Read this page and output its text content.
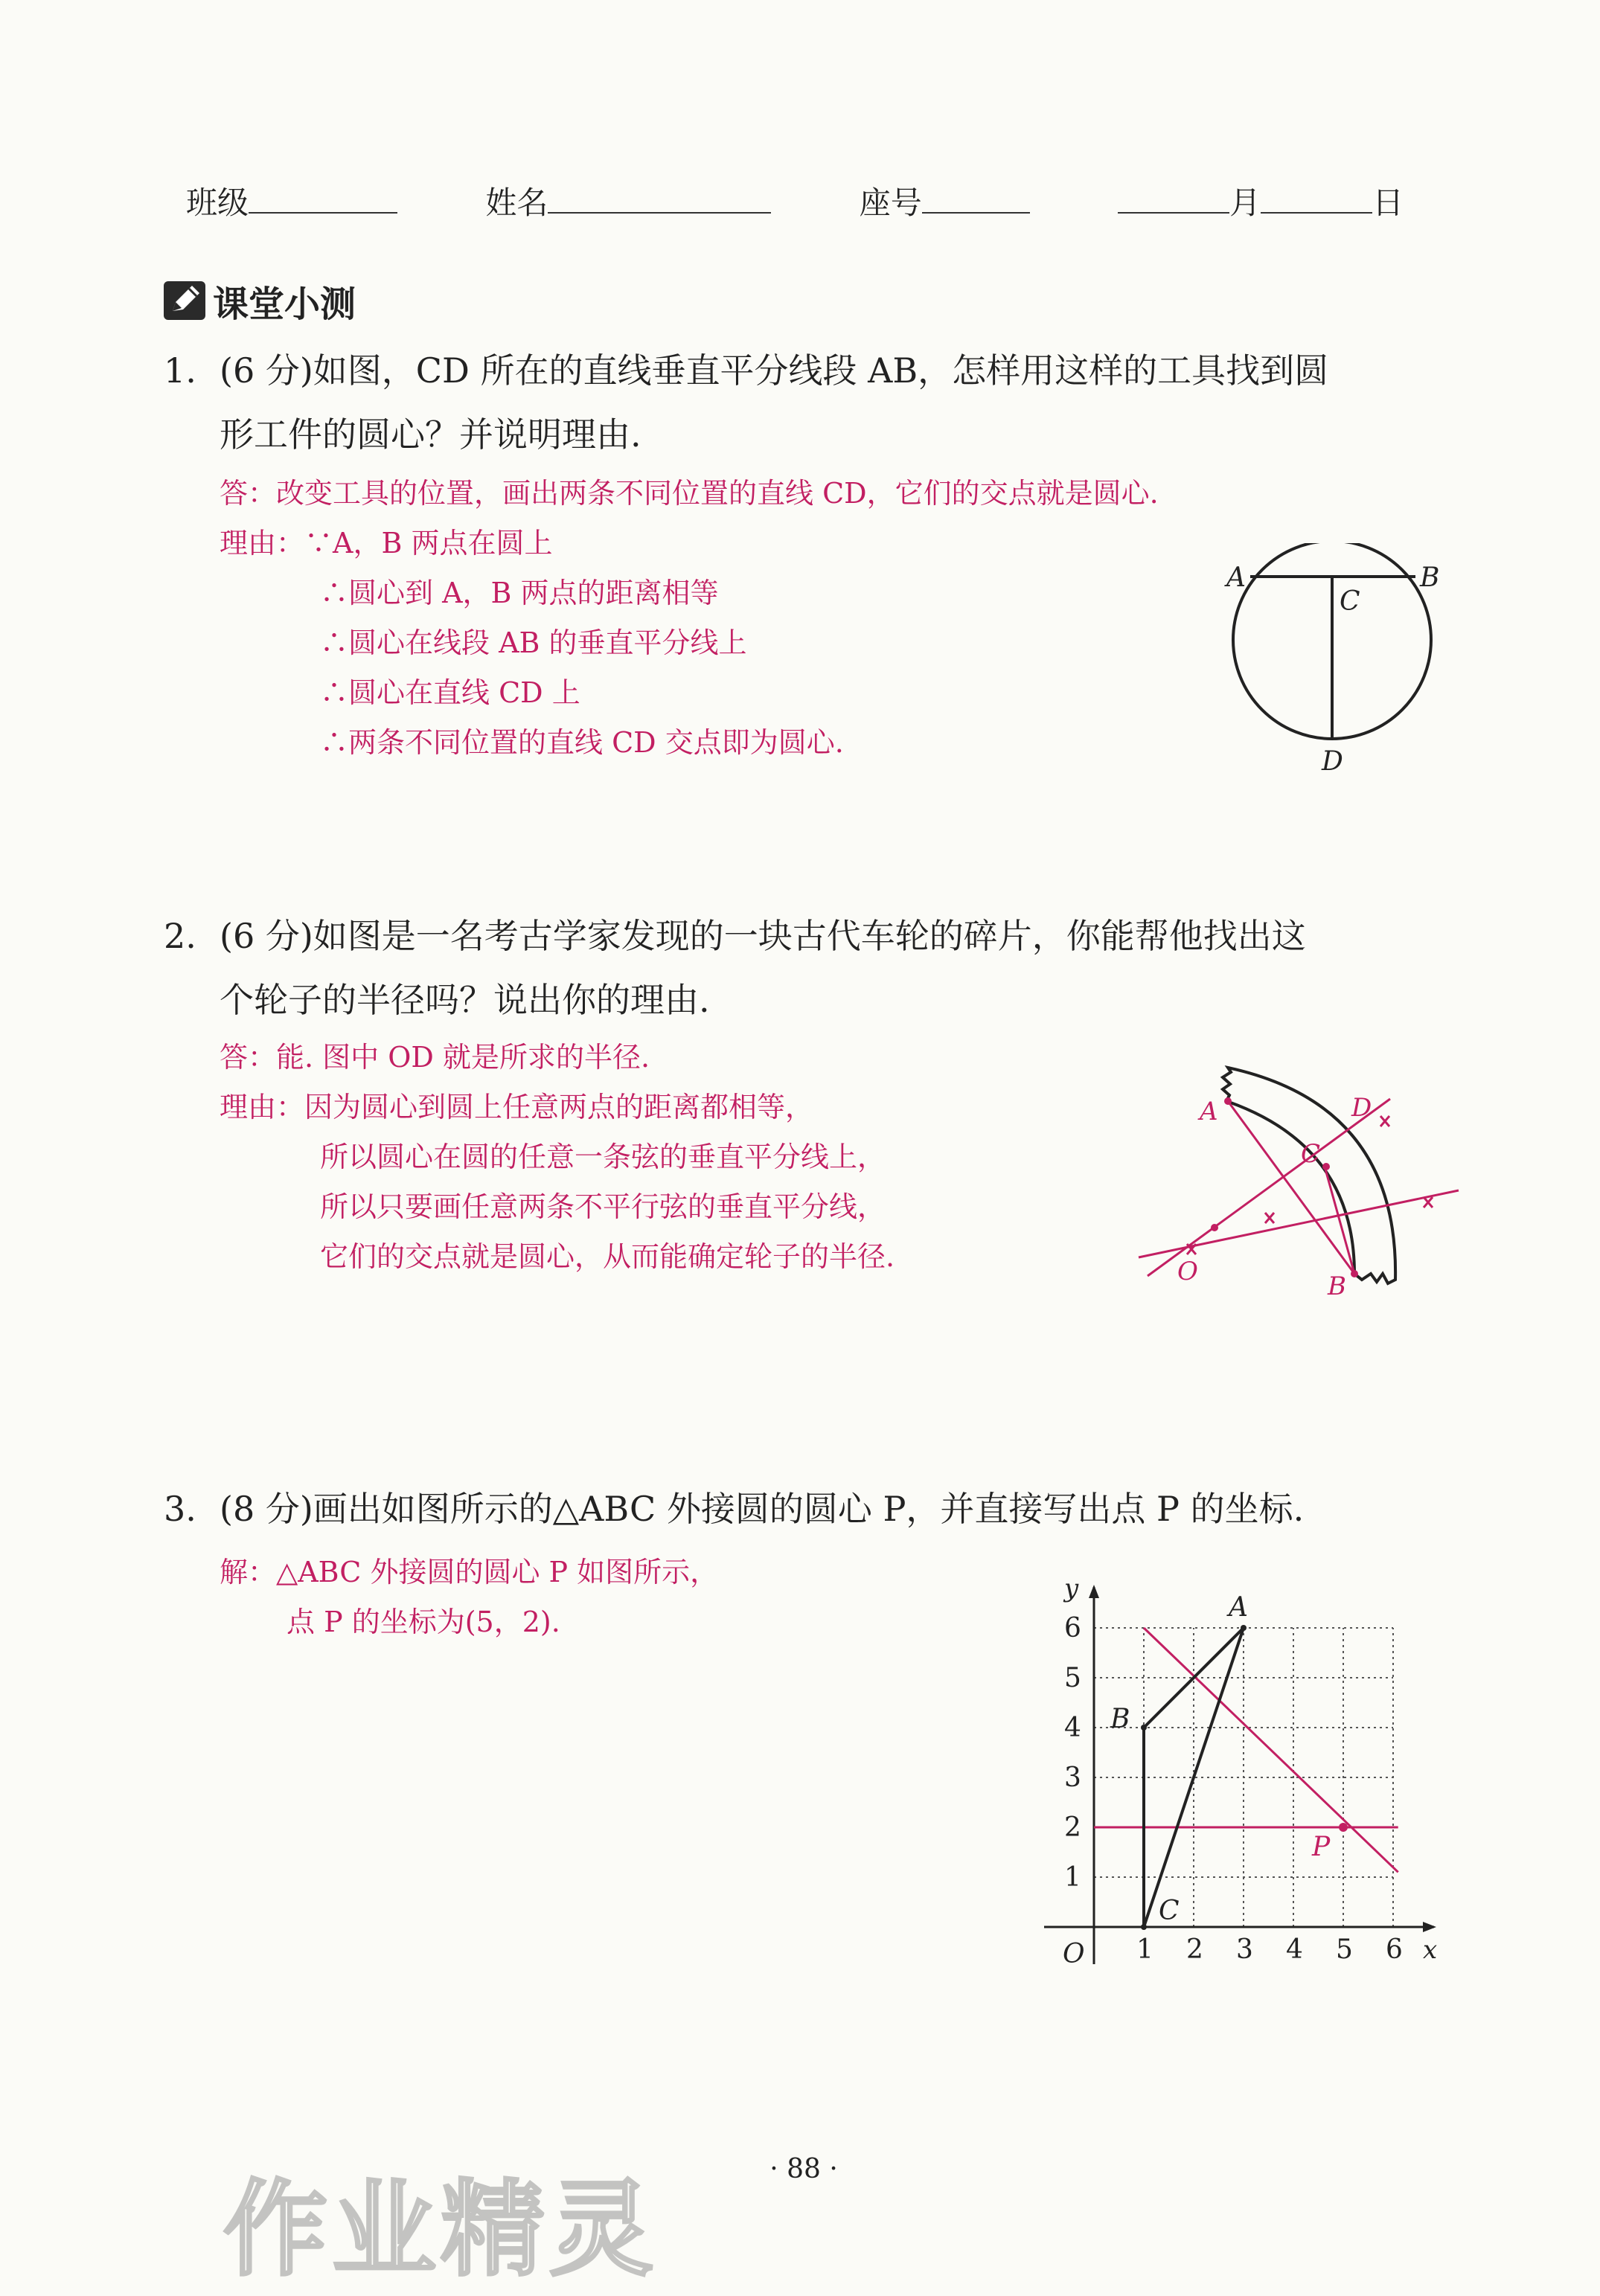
班级	姓名	座号	月	日
课堂小测
1. (6 分)如图，CD 所在的直线垂直平分线段 AB，怎样用这样的工具找到圆
形工件的圆心？并说明理由.
答：改变工具的位置，画出两条不同位置的直线 CD，它们的交点就是圆心.
理由：∵A，B 两点在圆上
∴圆心到 A，B 两点的距离相等
∴圆心在线段 AB 的垂直平分线上
∴圆心在直线 CD 上
∴两条不同位置的直线 CD 交点即为圆心.
A	B
C
D
2. (6 分)如图是一名考古学家发现的一块古代车轮的碎片，你能帮他找出这
个轮子的半径吗？说出你的理由.
答：能. 图中 OD 就是所求的半径.
理由：因为圆心到圆上任意两点的距离都相等，
所以圆心在圆的任意一条弦的垂直平分线上，
所以只要画任意两条不平行弦的垂直平分线，
它们的交点就是圆心，从而能确定轮子的半径.
A
B
C
D
O
3. (8 分)画出如图所示的△ABC 外接圆的圆心 P，并直接写出点 P 的坐标.
解：△ABC 外接圆的圆心 P 如图所示，
点 P 的坐标为(5，2).
1 2 3 4 5 6
1
2
3
4
5
6
O	x
y
A
B
C
P
· 88 ·
作业精灵
